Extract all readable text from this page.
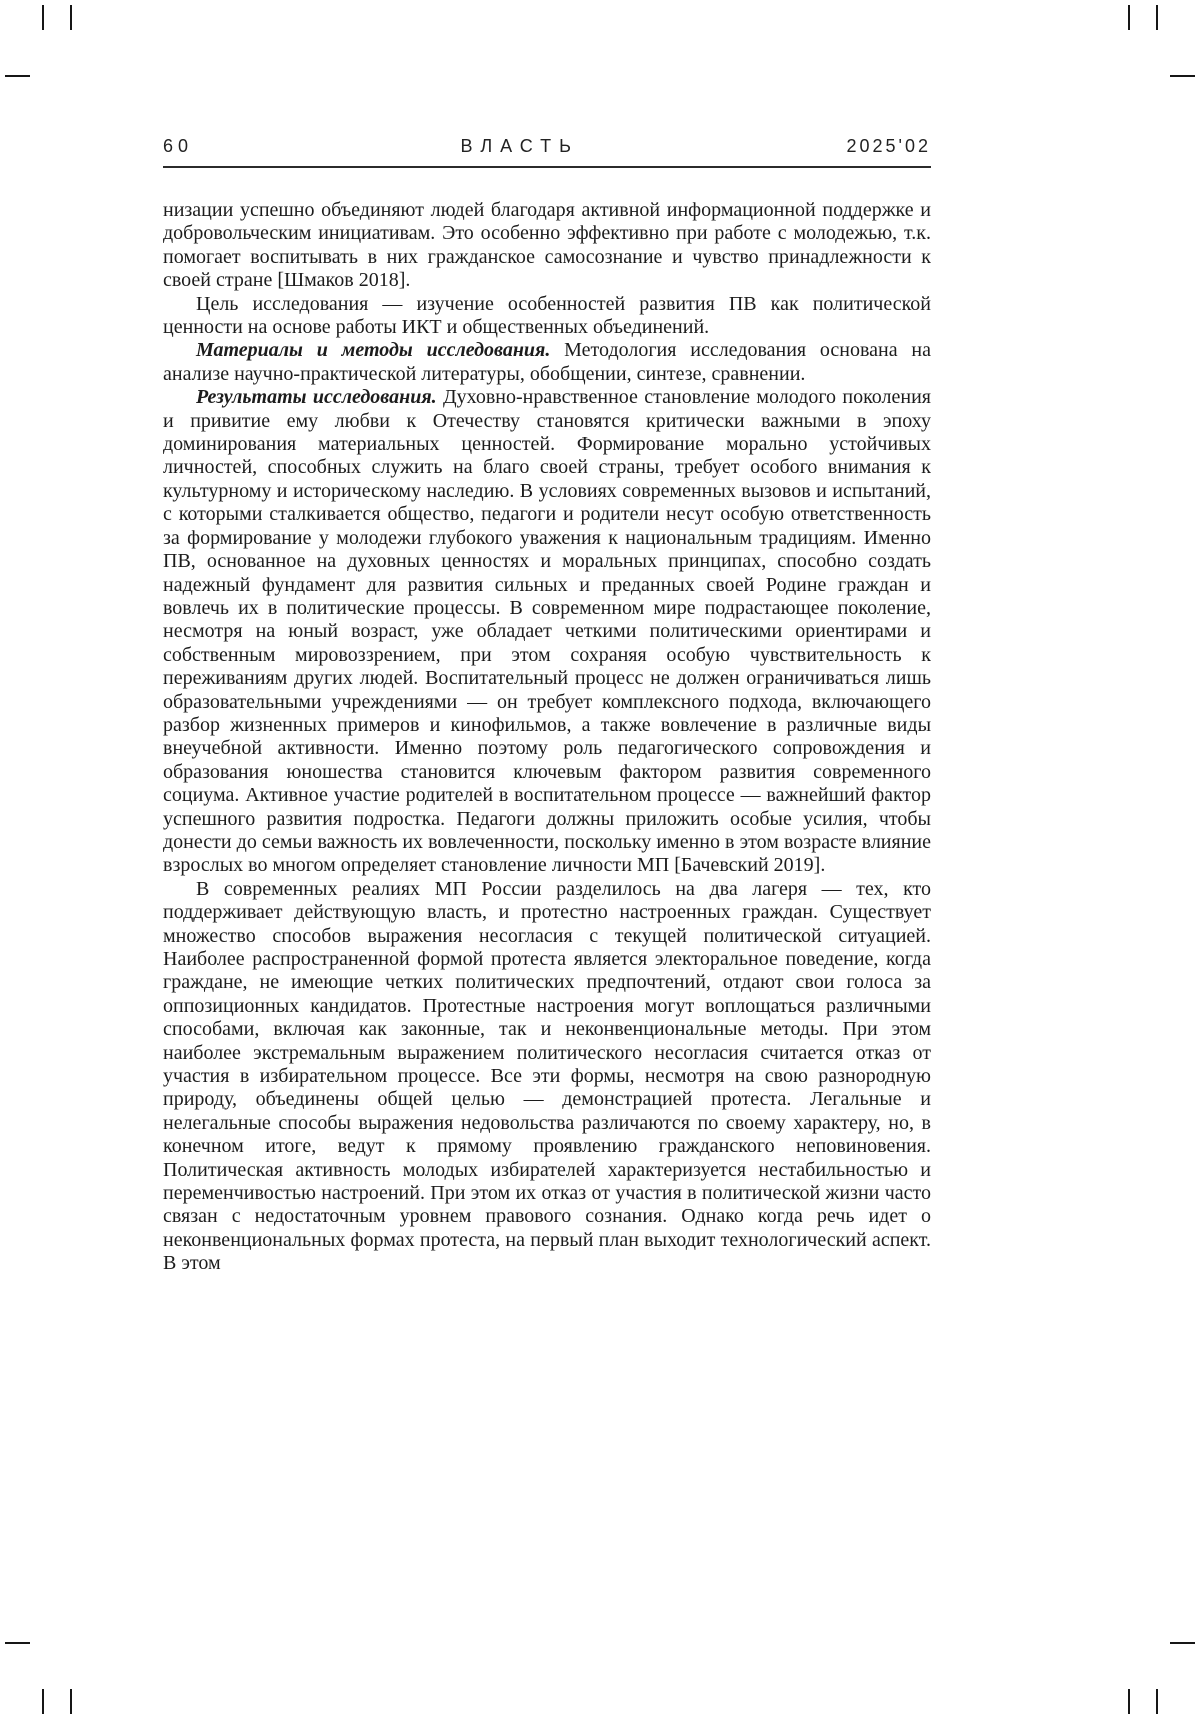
60	ВЛАСТЬ	2025'02

низации успешно объединяют людей благодаря активной информационной поддержке и добровольческим инициативам. Это особенно эффективно при работе с молодежью, т.к. помогает воспитывать в них гражданское самосознание и чувство принадлежности к своей стране [Шмаков 2018].

Цель исследования — изучение особенностей развития ПВ как политической ценности на основе работы ИКТ и общественных объединений.

Материалы и методы исследования. Методология исследования основана на анализе научно-практической литературы, обобщении, синтезе, сравнении.

Результаты исследования. Духовно-нравственное становление молодого поколения и привитие ему любви к Отечеству становятся критически важными в эпоху доминирования материальных ценностей. Формирование морально устойчивых личностей, способных служить на благо своей страны, требует особого внимания к культурному и историческому наследию. В условиях современных вызовов и испытаний, с которыми сталкивается общество, педагоги и родители несут особую ответственность за формирование у молодежи глубокого уважения к национальным традициям. Именно ПВ, основанное на духовных ценностях и моральных принципах, способно создать надежный фундамент для развития сильных и преданных своей Родине граждан и вовлечь их в политические процессы. В современном мире подрастающее поколение, несмотря на юный возраст, уже обладает четкими политическими ориентирами и собственным мировоззрением, при этом сохраняя особую чувствительность к переживаниям других людей. Воспитательный процесс не должен ограничиваться лишь образовательными учреждениями — он требует комплексного подхода, включающего разбор жизненных примеров и кинофильмов, а также вовлечение в различные виды внеучебной активности. Именно поэтому роль педагогического сопровождения и образования юношества становится ключевым фактором развития современного социума. Активное участие родителей в воспитательном процессе — важнейший фактор успешного развития подростка. Педагоги должны приложить особые усилия, чтобы донести до семьи важность их вовлеченности, поскольку именно в этом возрасте влияние взрослых во многом определяет становление личности МП [Бачевский 2019].

В современных реалиях МП России разделилось на два лагеря — тех, кто поддерживает действующую власть, и протестно настроенных граждан. Существует множество способов выражения несогласия с текущей политической ситуацией. Наиболее распространенной формой протеста является электоральное поведение, когда граждане, не имеющие четких политических предпочтений, отдают свои голоса за оппозиционных кандидатов. Протестные настроения могут воплощаться различными способами, включая как законные, так и неконвенциональные методы. При этом наиболее экстремальным выражением политического несогласия считается отказ от участия в избирательном процессе. Все эти формы, несмотря на свою разнородную природу, объединены общей целью — демонстрацией протеста. Легальные и нелегальные способы выражения недовольства различаются по своему характеру, но, в конечном итоге, ведут к прямому проявлению гражданского неповиновения. Политическая активность молодых избирателей характеризуется нестабильностью и переменчивостью настроений. При этом их отказ от участия в политической жизни часто связан с недостаточным уровнем правового сознания. Однако когда речь идет о неконвенциональных формах протеста, на первый план выходит технологический аспект. В этом
